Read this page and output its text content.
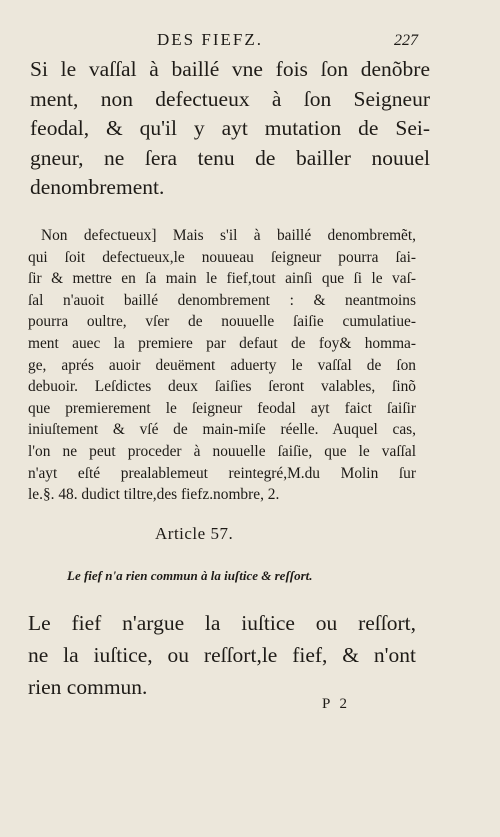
DES FIEFZ.	227

Si le vaſſal à baillé vne fois ſon denõbre
ment, non defectueux à ſon Seigneur
feodal, & qu'il y ayt mutation de Sei-
gneur, ne ſera tenu de bailler nouuel
denombrement.

Non defectueux] Mais s'il à baillé denombremẽt,
qui ſoit defectueux,le nouueau ſeigneur pourra ſai-
ſir & mettre en ſa main le fief,tout ainſi que ſi le vaſ-
ſal n'auoit baillé denombrement : & neantmoins
pourra oultre, vſer de nouuelle ſaiſie cumulatiue-
ment auec la premiere par defaut de foy& homma-
ge, aprés auoir deuëment aduerty le vaſſal de ſon
debuoir. Leſdictes deux ſaiſies ſeront valables, ſinõ
que premierement le ſeigneur feodal ayt faict ſaiſir
iniuſtement & vſé de main-miſe réelle. Auquel cas,
l'on ne peut proceder à nouuelle ſaiſie, que le vaſſal
n'ayt eſté prealablemeut reintegré,M.du Molin ſur
le.§. 48. dudict tiltre,des fiefz.nombre, 2.

Article 57.
Le fief n'a rien commun à la iuſtice & reſſort.

Le fief n'argue la iuſtice ou reſſort,
ne la iuſtice, ou reſſort,le fief, & n'ont
rien commun.

P 2
